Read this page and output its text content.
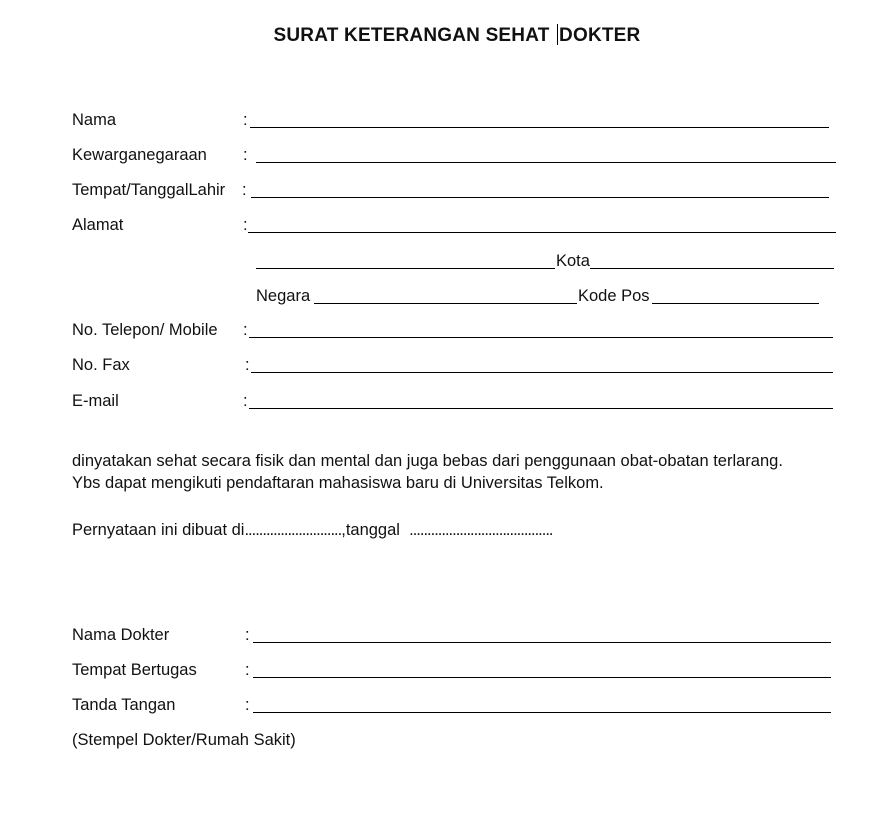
SURAT KETERANGAN SEHAT DOKTER
Nama	:
Kewarganegaraan :
Tempat/TanggalLahir :
Alamat	:
Kota
Negara	Kode Pos
No. Telepon/ Mobile :
No. Fax	:
E-mail	:
dinyatakan sehat secara fisik dan mental dan juga bebas dari penggunaan obat-obatan terlarang.
Ybs dapat mengikuti pendaftaran mahasiswa baru di Universitas Telkom.
Pernyataan ini dibuat di...........................,tanggal ........................................
Nama Dokter	:
Tempat Bertugas	:
Tanda Tangan	:
(Stempel Dokter/Rumah Sakit)
